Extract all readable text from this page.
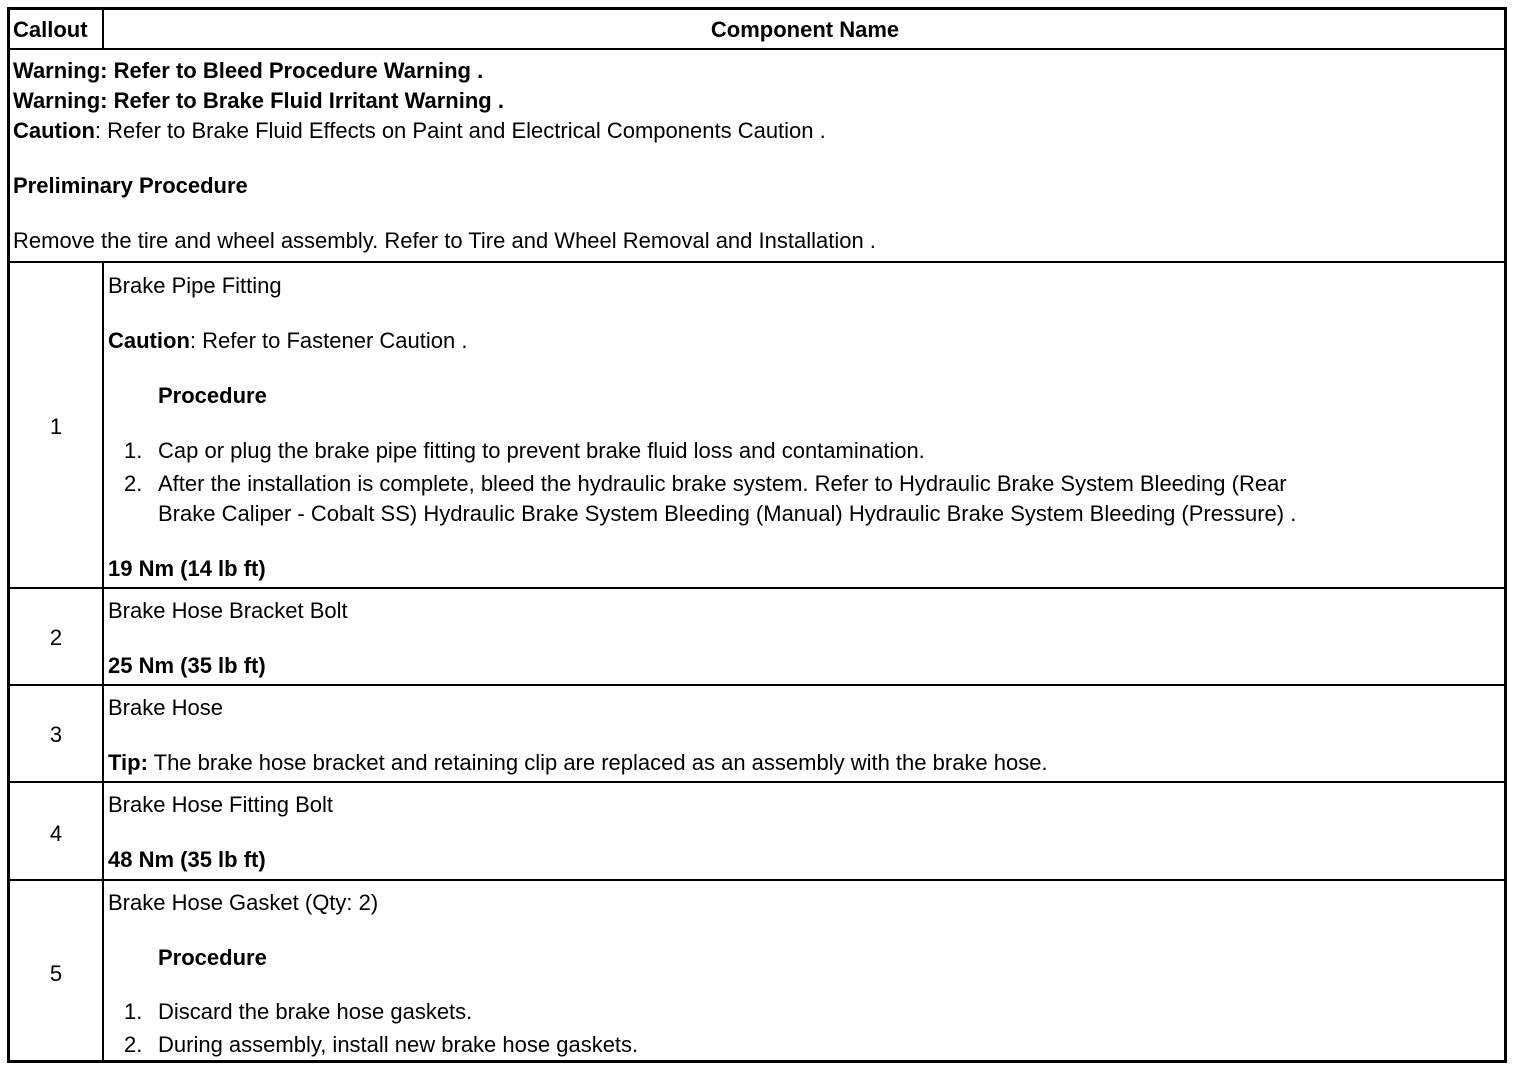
Callout	Component Name
Warning: Refer to Bleed Procedure Warning .
Warning: Refer to Brake Fluid Irritant Warning .
Caution: Refer to Brake Fluid Effects on Paint and Electrical Components Caution .
Preliminary Procedure
Remove the tire and wheel assembly. Refer to Tire and Wheel Removal and Installation .
1
Brake Pipe Fitting
Caution: Refer to Fastener Caution .
Procedure
1. Cap or plug the brake pipe fitting to prevent brake fluid loss and contamination.
2. After the installation is complete, bleed the hydraulic brake system. Refer to Hydraulic Brake System Bleeding (Rear
Brake Caliper - Cobalt SS) Hydraulic Brake System Bleeding (Manual) Hydraulic Brake System Bleeding (Pressure) .
19 Nm (14 lb ft)
2
Brake Hose Bracket Bolt
25 Nm (35 lb ft)
3
Brake Hose
Tip: The brake hose bracket and retaining clip are replaced as an assembly with the brake hose.
4
Brake Hose Fitting Bolt
48 Nm (35 lb ft)
5
Brake Hose Gasket (Qty: 2)
Procedure
1. Discard the brake hose gaskets.
2. During assembly, install new brake hose gaskets.
